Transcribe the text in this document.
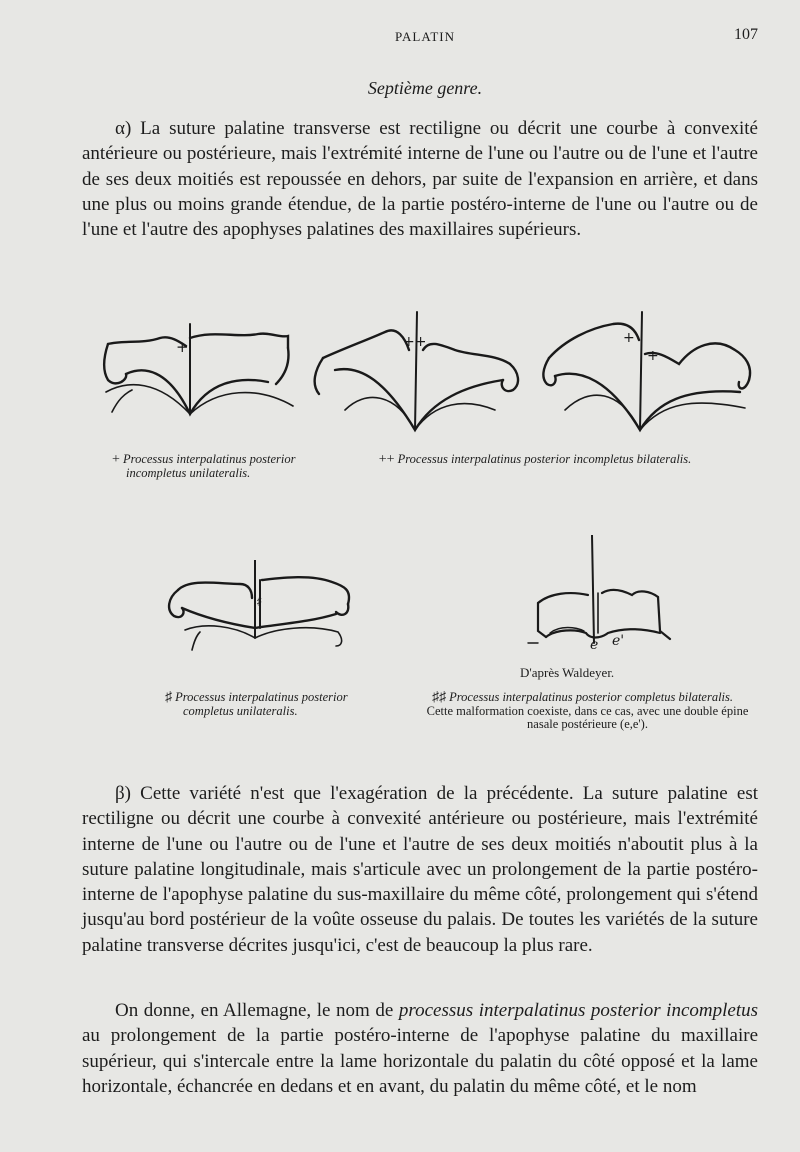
PALATIN	107
Septième genre.

α) La suture palatine transverse est rectiligne ou décrit une courbe à convexité antérieure ou postérieure, mais l'extrémité interne de l'une ou l'autre ou de l'une et l'autre de ses deux moitiés est repoussée en dehors, par suite de l'expansion en arrière, et dans une plus ou moins grande étendue, de la partie postéro-interne de l'une ou l'autre ou de l'une et l'autre des apophyses palatines des maxillaires supérieurs.

+	++	+
+
+ Processus interpalatinus posterior incompletus unilateralis.
++ Processus interpalatinus posterior incompletus bilateralis.
♯
e e'
D'après Waldeyer.
♯ Processus interpalatinus posterior completus unilateralis.
♯♯ Processus interpalatinus posterior completus bilateralis.
Cette malformation coexiste, dans ce cas, avec une double épine nasale postérieure (e,e').

β) Cette variété n'est que l'exagération de la précédente. La suture palatine est rectiligne ou décrit une courbe à convexité antérieure ou postérieure, mais l'extrémité interne de l'une ou l'autre ou de l'une et l'autre de ses deux moitiés n'aboutit plus à la suture palatine longitudinale, mais s'articule avec un prolongement de la partie postéro-interne de l'apophyse palatine du sus-maxillaire du même côté, prolongement qui s'étend jusqu'au bord postérieur de la voûte osseuse du palais. De toutes les variétés de la suture palatine transverse décrites jusqu'ici, c'est de beaucoup la plus rare.

On donne, en Allemagne, le nom de processus interpalatinus posterior incompletus au prolongement de la partie postéro-interne de l'apophyse palatine du maxillaire supérieur, qui s'intercale entre la lame horizontale du palatin du côté opposé et la lame horizontale, échancrée en dedans et en avant, du palatin du même côté, et le nom
